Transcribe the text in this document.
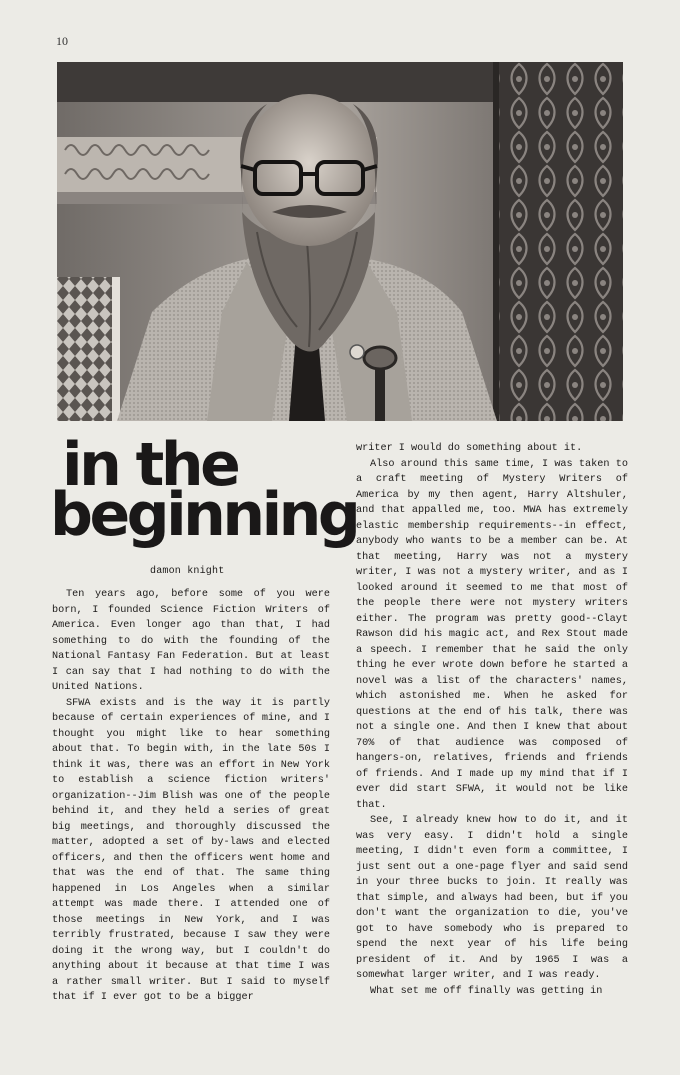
10
in the
beginning
damon knight

Ten years ago, before some of you were born, I founded Science Fiction Writers of America. Even longer ago than that, I had something to do with the founding of the National Fantasy Fan Federation. But at least I can say that I had nothing to do with the United Nations.

SFWA exists and is the way it is partly because of certain experiences of mine, and I thought you might like to hear something about that. To begin with, in the late 50s I think it was, there was an effort in New York to establish a science fiction writers' organization--Jim Blish was one of the people behind it, and they held a series of great big meetings, and thoroughly discussed the matter, adopted a set of by-laws and elected officers, and then the officers went home and that was the end of that. The same thing happened in Los Angeles when a similar attempt was made there. I attended one of those meetings in New York, and I was terribly frustrated, because I saw they were doing it the wrong way, but I couldn't do anything about it because at that time I was a rather small writer. But I said to myself that if I ever got to be a bigger

writer I would do something about it.

Also around this same time, I was taken to a craft meeting of Mystery Writers of America by my then agent, Harry Altshuler, and that appalled me, too. MWA has extremely elastic membership requirements--in effect, anybody who wants to be a member can be. At that meeting, Harry was not a mystery writer, I was not a mystery writer, and as I looked around it seemed to me that most of the people there were not mystery writers either. The program was pretty good--Clayt Rawson did his magic act, and Rex Stout made a speech. I remember that he said the only thing he ever wrote down before he started a novel was a list of the characters' names, which astonished me. When he asked for questions at the end of his talk, there was not a single one. And then I knew that about 70% of that audience was composed of hangers-on, relatives, friends and friends of friends. And I made up my mind that if I ever did start SFWA, it would not be like that.

See, I already knew how to do it, and it was very easy. I didn't hold a single meeting, I didn't even form a committee, I just sent out a one-page flyer and said send in your three bucks to join. It really was that simple, and always had been, but if you don't want the organization to die, you've got to have somebody who is prepared to spend the next year of his life being president of it. And by 1965 I was a somewhat larger writer, and I was ready.

What set me off finally was getting in
